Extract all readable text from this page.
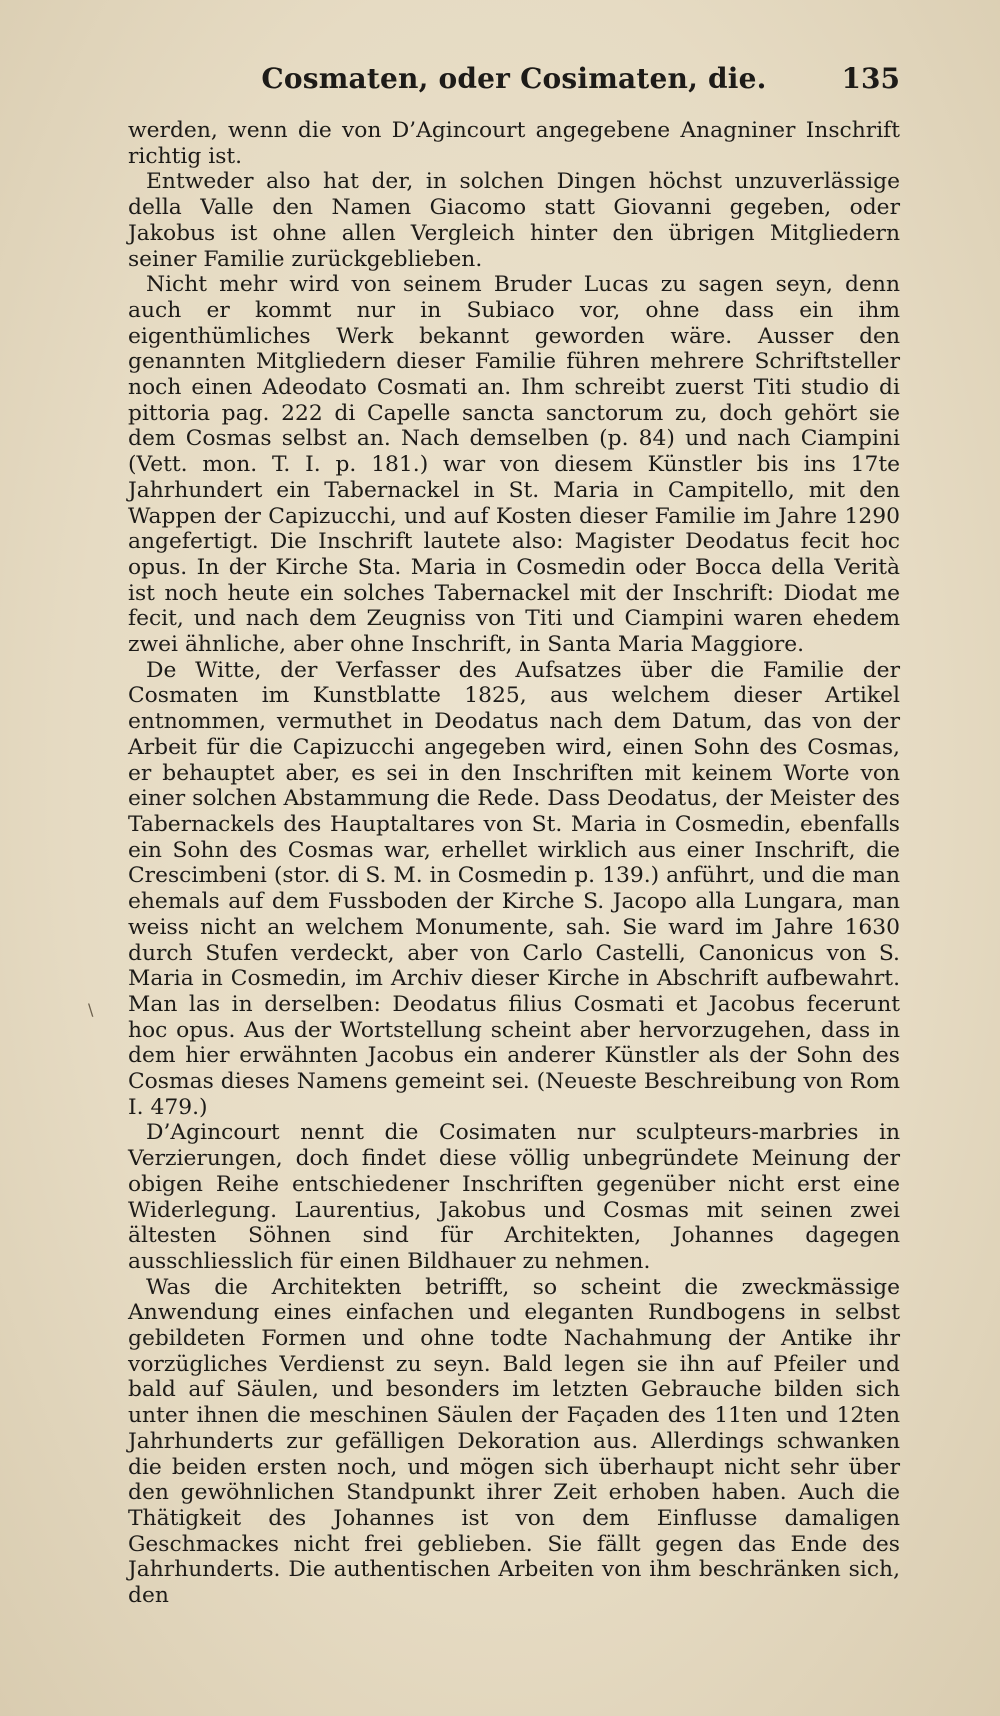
Cosmaten, oder Cosimaten, die.	135

werden, wenn die von D’Agincourt angegebene Anagniner Inschrift richtig ist.

Entweder also hat der, in solchen Dingen höchst unzuverlässige della Valle den Namen Giacomo statt Giovanni gegeben, oder Jakobus ist ohne allen Vergleich hinter den übrigen Mitgliedern seiner Familie zurückgeblieben.

Nicht mehr wird von seinem Bruder Lucas zu sagen seyn, denn auch er kommt nur in Subiaco vor, ohne dass ein ihm eigenthümliches Werk bekannt geworden wäre. Ausser den genannten Mitgliedern dieser Familie führen mehrere Schriftsteller noch einen Adeodato Cosmati an. Ihm schreibt zuerst Titi studio di pittoria pag. 222 di Capelle sancta sanctorum zu, doch gehört sie dem Cosmas selbst an. Nach demselben (p. 84) und nach Ciampini (Vett. mon. T. I. p. 181.) war von diesem Künstler bis ins 17te Jahrhundert ein Tabernackel in St. Maria in Campitello, mit den Wappen der Capizucchi, und auf Kosten dieser Familie im Jahre 1290 angefertigt. Die Inschrift lautete also: Magister Deodatus fecit hoc opus. In der Kirche Sta. Maria in Cosmedin oder Bocca della Verità ist noch heute ein solches Tabernackel mit der Inschrift: Diodat me fecit, und nach dem Zeugniss von Titi und Ciampini waren ehedem zwei ähnliche, aber ohne Inschrift, in Santa Maria Maggiore.

De Witte, der Verfasser des Aufsatzes über die Familie der Cosmaten im Kunstblatte 1825, aus welchem dieser Artikel entnommen, vermuthet in Deodatus nach dem Datum, das von der Arbeit für die Capizucchi angegeben wird, einen Sohn des Cosmas, er behauptet aber, es sei in den Inschriften mit keinem Worte von einer solchen Abstammung die Rede. Dass Deodatus, der Meister des Tabernackels des Hauptaltares von St. Maria in Cosmedin, ebenfalls ein Sohn des Cosmas war, erhellet wirklich aus einer Inschrift, die Crescimbeni (stor. di S. M. in Cosmedin p. 139.) anführt, und die man ehemals auf dem Fussboden der Kirche S. Jacopo alla Lungara, man weiss nicht an welchem Monumente, sah. Sie ward im Jahre 1630 durch Stufen verdeckt, aber von Carlo Castelli, Canonicus von S. Maria in Cosmedin, im Archiv dieser Kirche in Abschrift aufbewahrt. Man las in derselben: Deodatus filius Cosmati et Jacobus fecerunt hoc opus. Aus der Wortstellung scheint aber hervorzugehen, dass in dem hier erwähnten Jacobus ein anderer Künstler als der Sohn des Cosmas dieses Namens gemeint sei. (Neueste Beschreibung von Rom I. 479.)

D’Agincourt nennt die Cosimaten nur sculpteurs-marbries in Verzierungen, doch findet diese völlig unbegründete Meinung der obigen Reihe entschiedener Inschriften gegenüber nicht erst eine Widerlegung. Laurentius, Jakobus und Cosmas mit seinen zwei ältesten Söhnen sind für Architekten, Johannes dagegen ausschliesslich für einen Bildhauer zu nehmen.

Was die Architekten betrifft, so scheint die zweckmässige Anwendung eines einfachen und eleganten Rundbogens in selbst gebildeten Formen und ohne todte Nachahmung der Antike ihr vorzügliches Verdienst zu seyn. Bald legen sie ihn auf Pfeiler und bald auf Säulen, und besonders im letzten Gebrauche bilden sich unter ihnen die meschinen Säulen der Façaden des 11ten und 12ten Jahrhunderts zur gefälligen Dekoration aus. Allerdings schwanken die beiden ersten noch, und mögen sich überhaupt nicht sehr über den gewöhnlichen Standpunkt ihrer Zeit erhoben haben. Auch die Thätigkeit des Johannes ist von dem Einflusse damaligen Geschmackes nicht frei geblieben. Sie fällt gegen das Ende des Jahrhunderts. Die authentischen Arbeiten von ihm beschränken sich, den

\
